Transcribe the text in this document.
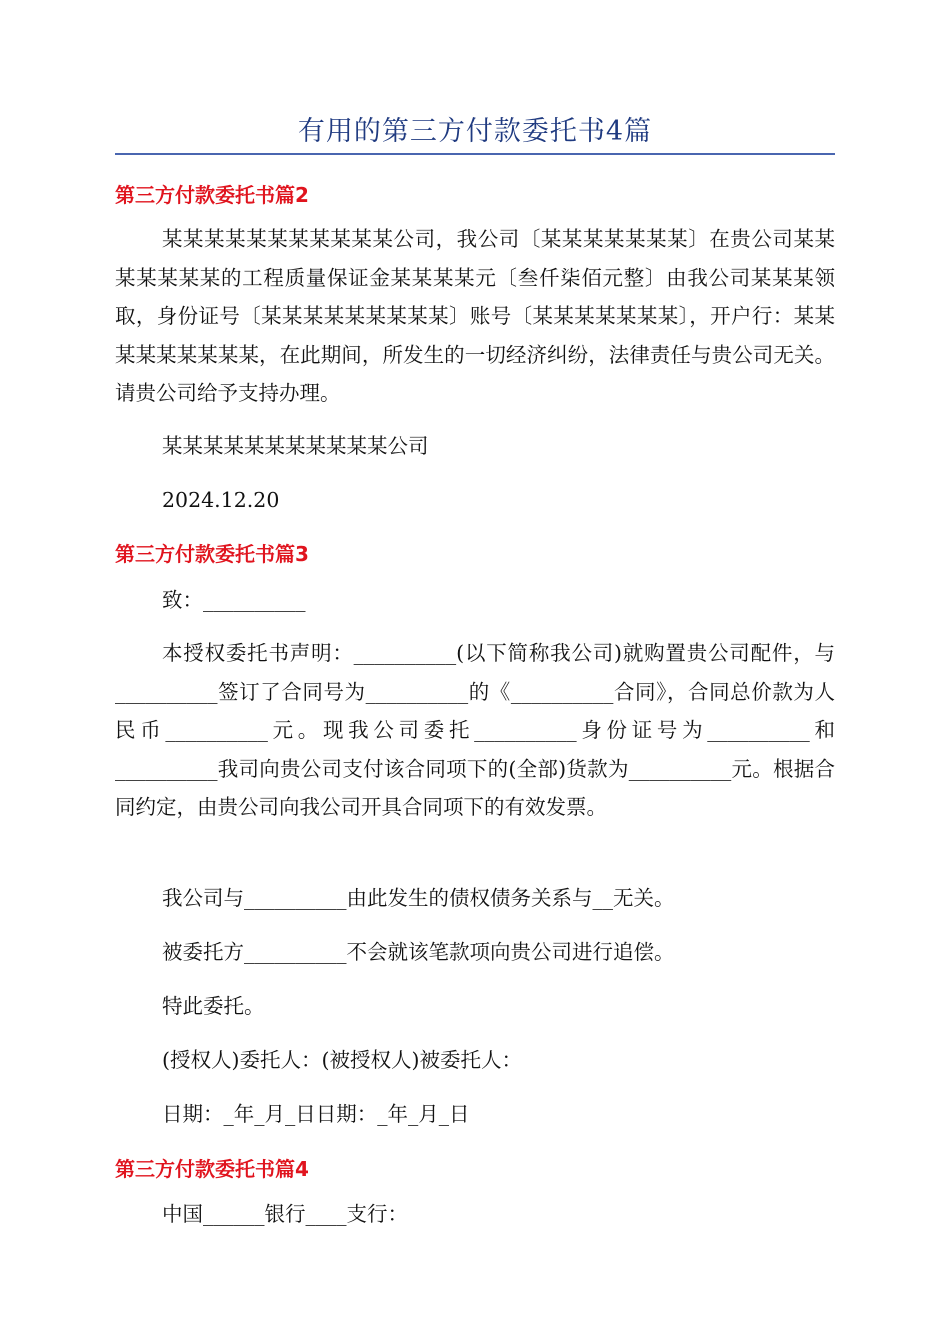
有用的第三方付款委托书4篇
第三方付款委托书篇2
某某某某某某某某某某某公司，我公司〔某某某某某某某〕在贵公司某某某某某某某的工程质量保证金某某某某元〔叁仟柒佰元整〕由我公司某某某领取，身份证号〔某某某某某某某某某〕账号〔某某某某某某某〕，开户行：某某某某某某某某某，在此期间，所发生的一切经济纠纷，法律责任与贵公司无关。请贵公司给予支持办理。
某某某某某某某某某某某公司
2024.12.20
第三方付款委托书篇3
致：__________
本授权委托书声明：__________(以下简称我公司)就购置贵公司配件，与__________签订了合同号为__________的《__________合同》，合同总价款为人民币__________元。现我公司委托__________身份证号为__________和__________我司向贵公司支付该合同项下的(全部)货款为__________元。根据合同约定，由贵公司向我公司开具合同项下的有效发票。
我公司与__________由此发生的债权债务关系与__无关。
被委托方__________不会就该笔款项向贵公司进行追偿。
特此委托。
(授权人)委托人：(被授权人)被委托人：
日期：_年_月_日日期：_年_月_日
第三方付款委托书篇4
中国______银行____支行：
